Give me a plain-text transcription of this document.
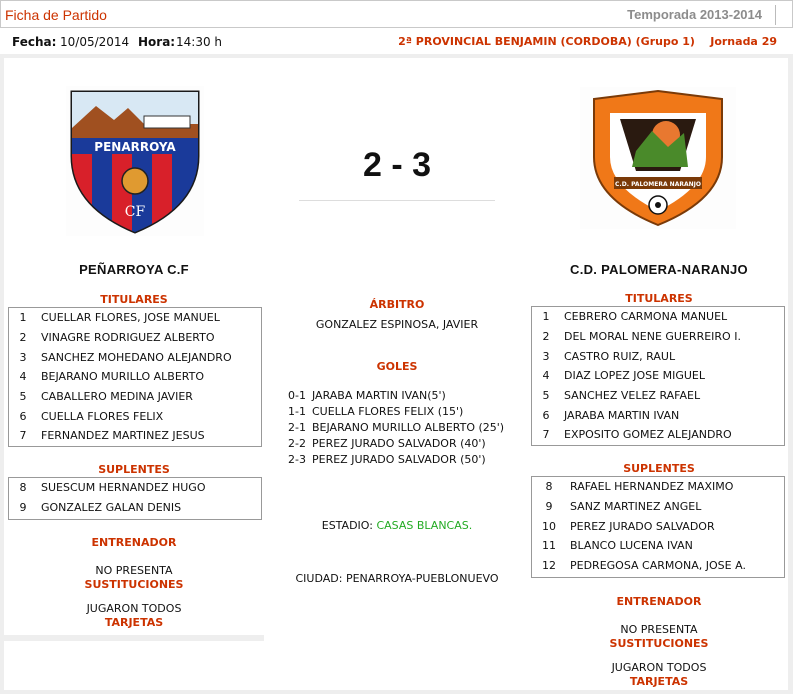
Ficha de Partido	Temporada 2013-2014
Fecha: 10/05/2014 Hora: 14:30 h	2ª PROVINCIAL BENJAMIN (CORDOBA) (Grupo 1) Jornada 29
PENARROYA
CF
PEÑARROYA C.F
TITULARES
1	CUELLAR FLORES, JOSE MANUEL
2	VINAGRE RODRIGUEZ ALBERTO
3	SANCHEZ MOHEDANO ALEJANDRO
4	BEJARANO MURILLO ALBERTO
5	CABALLERO MEDINA JAVIER
6	CUELLA FLORES FELIX
7	FERNANDEZ MARTINEZ JESUS
SUPLENTES
8	SUESCUM HERNANDEZ HUGO
9	GONZALEZ GALAN DENIS
ENTRENADOR
NO PRESENTA
SUSTITUCIONES
JUGARON TODOS
TARJETAS
2 - 3
ÁRBITRO
GONZALEZ ESPINOSA, JAVIER
GOLES
0-1 JARABA MARTIN IVAN(5')
1-1 CUELLA FLORES FELIX (15')
2-1 BEJARANO MURILLO ALBERTO (25')
2-2 PEREZ JURADO SALVADOR (40')
2-3 PEREZ JURADO SALVADOR (50')
ESTADIO: CASAS BLANCAS.
CIUDAD: PENARROYA-PUEBLONUEVO
C.D. PALOMERA NARANJO
C.D. PALOMERA-NARANJO
TITULARES
1	CEBRERO CARMONA MANUEL
2	DEL MORAL NENE GUERREIRO I.
3	CASTRO RUIZ, RAUL
4	DIAZ LOPEZ JOSE MIGUEL
5	SANCHEZ VELEZ RAFAEL
6	JARABA MARTIN IVAN
7	EXPOSITO GOMEZ ALEJANDRO
SUPLENTES
8	RAFAEL HERNANDEZ MAXIMO
9	SANZ MARTINEZ ANGEL
10	PEREZ JURADO SALVADOR
11	BLANCO LUCENA IVAN
12	PEDREGOSA CARMONA, JOSE A.
ENTRENADOR
NO PRESENTA
SUSTITUCIONES
JUGARON TODOS
TARJETAS
